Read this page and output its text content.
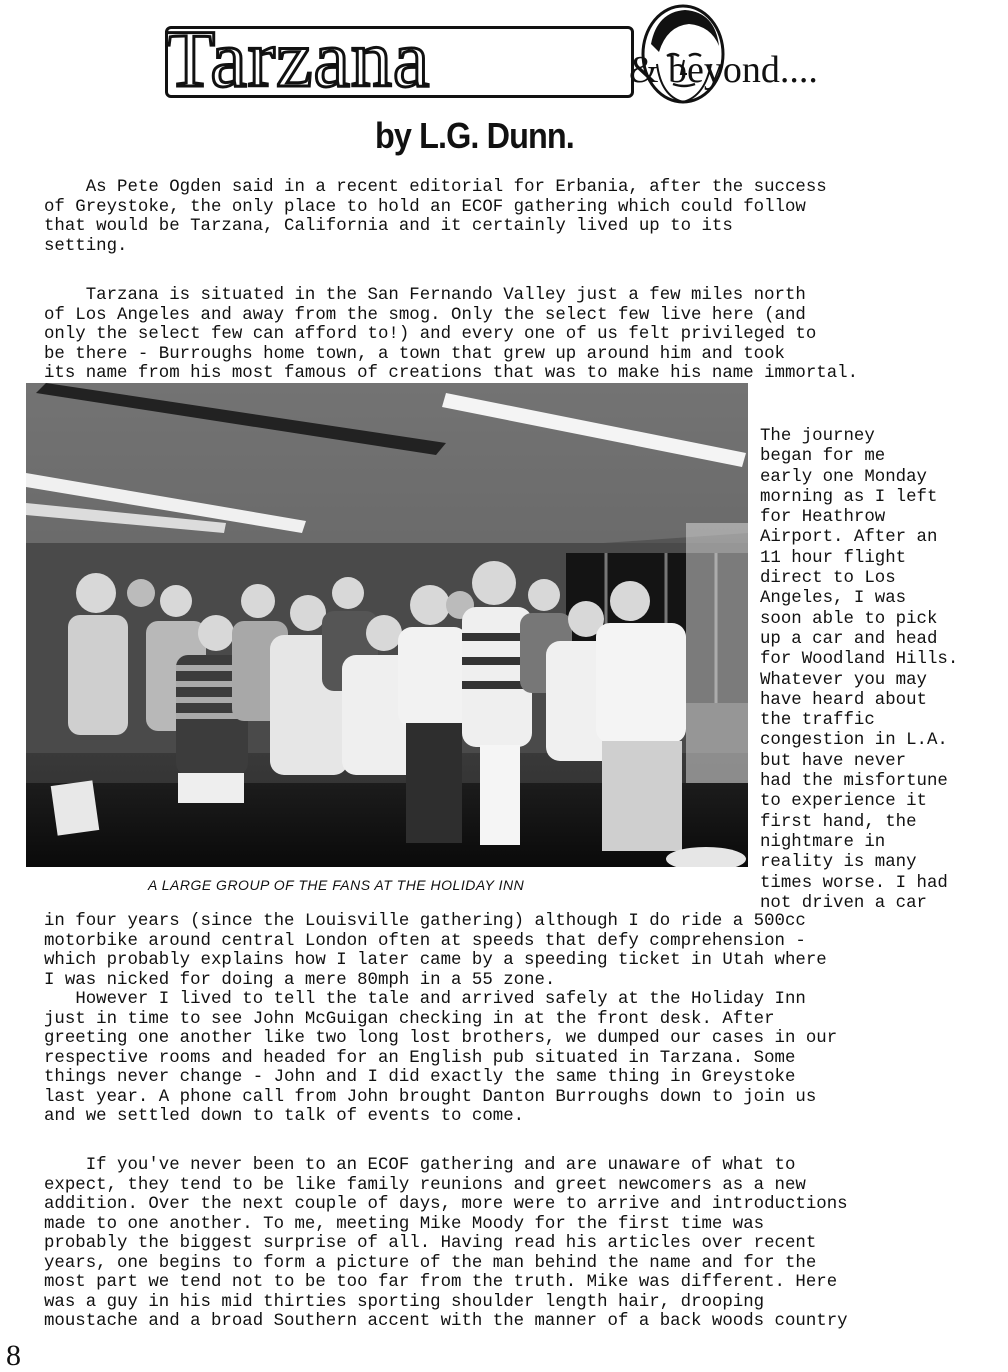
Tarzana	& beyond....
by L.G. Dunn.
As Pete Ogden said in a recent editorial for Erbania, after the success
of Greystoke, the only place to hold an ECOF gathering which could follow
that would be Tarzana, California and it certainly lived up to its
setting.
Tarzana is situated in the San Fernando Valley just a few miles north
of Los Angeles and away from the smog. Only the select few live here (and
only the select few can afford to!) and every one of us felt privileged to
be there - Burroughs home town, a town that grew up around him and took
its name from his most famous of creations that was to make his name immortal.
A LARGE GROUP OF THE FANS AT THE HOLIDAY INN
The journey
began for me
early one Monday
morning as I left
for Heathrow
Airport. After an
11 hour flight
direct to Los
Angeles, I was
soon able to pick
up a car and head
for Woodland Hills.
Whatever you may
have heard about
the traffic
congestion in L.A.
but have never
had the misfortune
to experience it
first hand, the
nightmare in
reality is many
times worse. I had
not driven a car
in four years (since the Louisville gathering) although I do ride a 500cc
motorbike around central London often at speeds that defy comprehension -
which probably explains how I later came by a speeding ticket in Utah where
I was nicked for doing a mere 80mph in a 55 zone.
However I lived to tell the tale and arrived safely at the Holiday Inn
just in time to see John McGuigan checking in at the front desk. After
greeting one another like two long lost brothers, we dumped our cases in our
respective rooms and headed for an English pub situated in Tarzana. Some
things never change - John and I did exactly the same thing in Greystoke
last year. A phone call from John brought Danton Burroughs down to join us
and we settled down to talk of events to come.
If you've never been to an ECOF gathering and are unaware of what to
expect, they tend to be like family reunions and greet newcomers as a new
addition. Over the next couple of days, more were to arrive and introductions
made to one another. To me, meeting Mike Moody for the first time was
probably the biggest surprise of all. Having read his articles over recent
years, one begins to form a picture of the man behind the name and for the
most part we tend not to be too far from the truth. Mike was different. Here
was a guy in his mid thirties sporting shoulder length hair, drooping
moustache and a broad Southern accent with the manner of a back woods country
8
